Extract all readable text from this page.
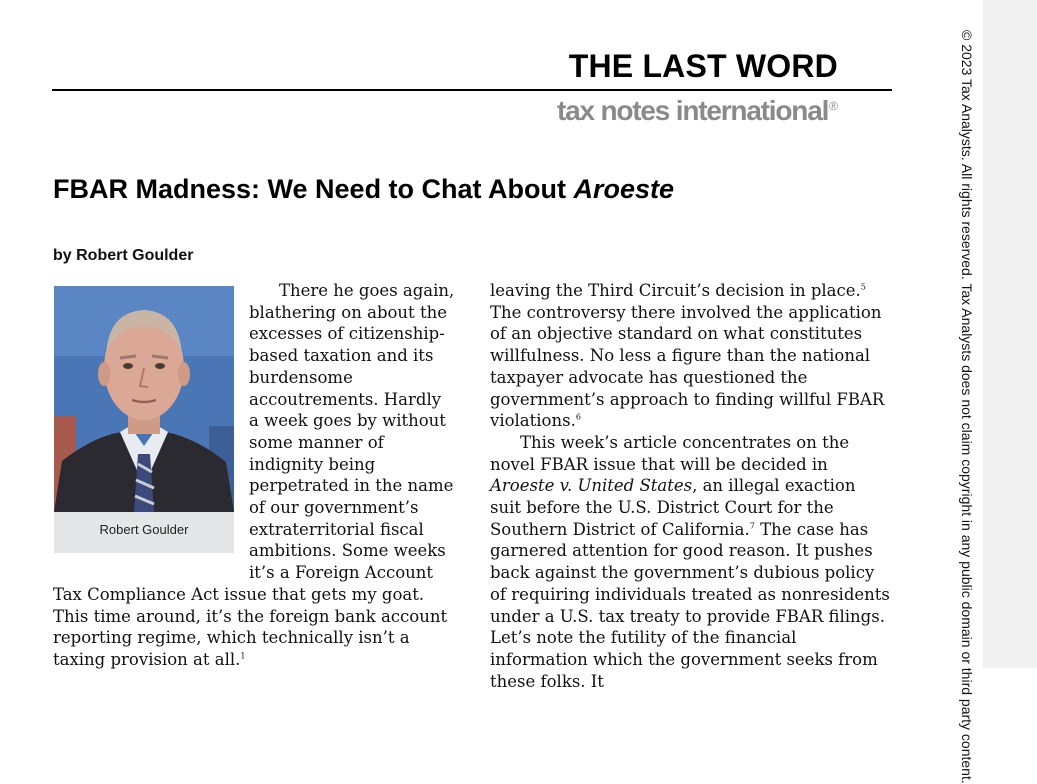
THE LAST WORD
tax notes international®
FBAR Madness: We Need to Chat About Aroeste
by Robert Goulder
Robert Goulder

There he goes again, blathering on about the excesses of citizenship-based taxation and its burdensome accoutrements. Hardly a week goes by without some manner of indignity being perpetrated in the name of our government’s extraterritorial fiscal ambitions. Some weeks it’s a Foreign Account Tax Compliance Act issue that gets my goat. This time around, it’s the foreign bank account reporting regime, which technically isn’t a taxing provision at all.$^1$

leaving the Third Circuit’s decision in place.$^5$ The controversy there involved the application of an objective standard on what constitutes willfulness. No less a figure than the national taxpayer advocate has questioned the government’s approach to finding willful FBAR violations.$^6$

This week’s article concentrates on the novel FBAR issue that will be decided in Aroeste v. United States, an illegal exaction suit before the U.S. District Court for the Southern District of California.$^7$ The case has garnered attention for good reason. It pushes back against the government’s dubious policy of requiring individuals treated as nonresidents under a U.S. tax treaty to provide FBAR filings. Let’s note the futility of the financial information which the government seeks from these folks. It	© 2023 Tax Analysts. All rights reserved. Tax Analysts does not claim copyright in any public domain or third party content.
